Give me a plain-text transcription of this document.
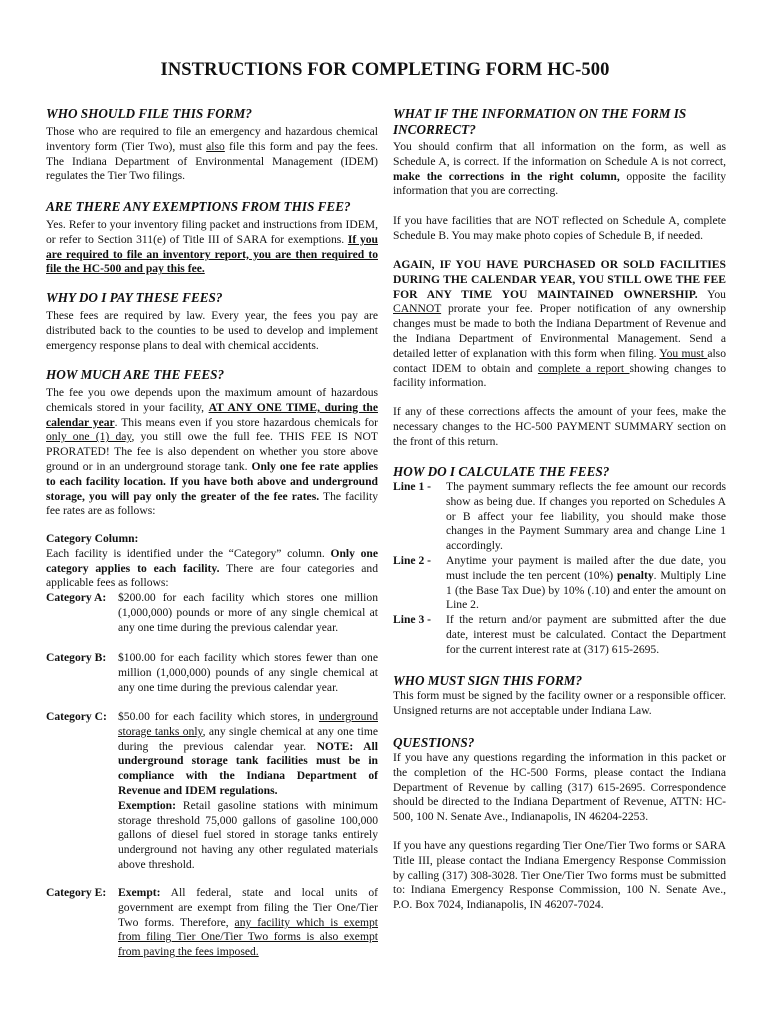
INSTRUCTIONS FOR COMPLETING FORM HC-500
WHO SHOULD FILE THIS FORM?

Those who are required to file an emergency and hazardous chemical inventory form (Tier Two), must also file this form and pay the fees. The Indiana Department of Environmental Management (IDEM) regulates the Tier Two filings.

ARE THERE ANY EXEMPTIONS FROM THIS FEE?

Yes. Refer to your inventory filing packet and instructions from IDEM, or refer to Section 311(e) of Title III of SARA for exemptions. If you are required to file an inventory report, you are then required to file the HC-500 and pay this fee.

WHY DO I PAY THESE FEES?

These fees are required by law. Every year, the fees you pay are distributed back to the counties to be used to develop and implement emergency response plans to deal with chemical accidents.

HOW MUCH ARE THE FEES?

The fee you owe depends upon the maximum amount of hazardous chemicals stored in your facility, AT ANY ONE TIME, during the calendar year. This means even if you store hazardous chemicals for only one (1) day, you still owe the full fee. THIS FEE IS NOT PRORATED! The fee is also dependent on whether you store above ground or in an underground storage tank. Only one fee rate applies to each facility location. If you have both above and underground storage, you will pay only the greater of the fee rates. The facility fee rates are as follows:

Category Column:

Each facility is identified under the “Category” column. Only one category applies to each facility. There are four categories and applicable fees as follows:

Category A:	$200.00 for each facility which stores one million (1,000,000) pounds or more of any single chemical at any one time during the previous calendar year.
Category B:	$100.00 for each facility which stores fewer than one million (1,000,000) pounds of any single chemical at any one time during the previous calendar year.
Category C: $50.00 for each facility which stores, in underground storage tanks only, any single chemical at any one time during the previous calendar year. NOTE: All underground storage tank facilities must be in compliance with the Indiana Department of Revenue and IDEM regulations.
Exemption: Retail gasoline stations with minimum storage threshold 75,000 gallons of gasoline 100,000 gallons of diesel fuel stored in storage tanks entirely underground not having any other regulated materials above threshold.
Category E:	Exempt: All federal, state and local units of government are exempt from filing the Tier One/Tier Two forms. Therefore, any facility which is exempt from filing Tier One/Tier Two forms is also exempt from paving the fees imposed.
WHAT IF THE INFORMATION ON THE FORM IS INCORRECT?

You should confirm that all information on the form, as well as Schedule A, is correct. If the information on Schedule A is not correct, make the corrections in the right column, opposite the facility information that you are correcting.

If you have facilities that are NOT reflected on Schedule A, complete Schedule B. You may make photo copies of Schedule B, if needed.

AGAIN, IF YOU HAVE PURCHASED OR SOLD FACILITIES DURING THE CALENDAR YEAR, YOU STILL OWE THE FEE FOR ANY TIME YOU MAINTAINED OWNERSHIP. You CANNOT prorate your fee. Proper notification of any ownership changes must be made to both the Indiana Department of Revenue and the Indiana Department of Environmental Management. Send a detailed letter of explanation with this form when filing. You must also contact IDEM to obtain and complete a report showing changes to facility information.

If any of these corrections affects the amount of your fees, make the necessary changes to the HC-500 PAYMENT SUMMARY section on the front of this return.

HOW DO I CALCULATE THE FEES?
Line 1 -	The payment summary reflects the fee amount our records show as being due. If changes you reported on Schedules A or B affect your fee liability, you should make those changes in the Payment Summary area and change Line 1 accordingly.
Line 2 -	Anytime your payment is mailed after the due date, you must include the ten percent (10%) penalty. Multiply Line 1 (the Base Tax Due) by 10% (.10) and enter the amount on Line 2.
Line 3 -	If the return and/or payment are submitted after the due date, interest must be calculated. Contact the Department for the current interest rate at (317) 615-2695.
WHO MUST SIGN THIS FORM?

This form must be signed by the facility owner or a responsible officer. Unsigned returns are not acceptable under Indiana Law.

QUESTIONS?

If you have any questions regarding the information in this packet or the completion of the HC-500 Forms, please contact the Indiana Department of Revenue by calling (317) 615-2695. Correspondence should be directed to the Indiana Department of Revenue, ATTN: HC-500, 100 N. Senate Ave., Indianapolis, IN 46204-2253.

If you have any questions regarding Tier One/Tier Two forms or SARA Title III, please contact the Indiana Emergency Response Commission by calling (317) 308-3028. Tier One/Tier Two forms must be submitted to: Indiana Emergency Response Commission, 100 N. Senate Ave., P.O. Box 7024, Indianapolis, IN 46207-7024.
